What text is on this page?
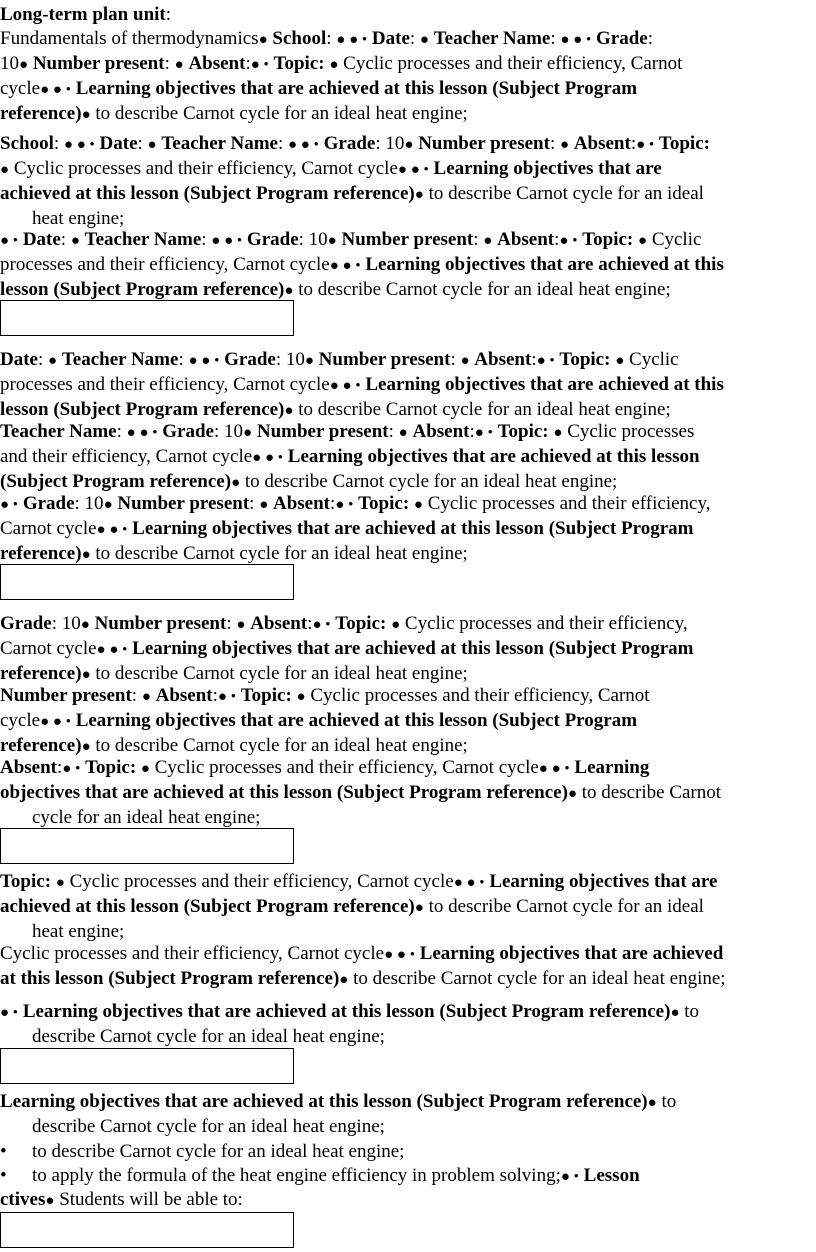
Long-term plan unit:

Fundamentals of thermodynamics● School: ● ● • Date: ● Teacher Name: ● ● • Grade:

10● Number present: ● Absent:● • Topic: ● Cyclic processes and their efficiency, Carnot

cycle● ● • Learning objectives that are achieved at this lesson (Subject Program

reference)● to describe Carnot cycle for an ideal heat engine;

School: ● ● • Date: ● Teacher Name: ● ● • Grade: 10● Number present: ● Absent:● • Topic:
● Cyclic processes and their efficiency, Carnot cycle● ● • Learning objectives that are
achieved at this lesson (Subject Program reference)● to describe Carnot cycle for an ideal
heat engine;
● • Date: ● Teacher Name: ● ● • Grade: 10● Number present: ● Absent:● • Topic: ● Cyclic
processes and their efficiency, Carnot cycle● ● • Learning objectives that are achieved at this
lesson (Subject Program reference)● to describe Carnot cycle for an ideal heat engine;
Date: ● Teacher Name: ● ● • Grade: 10● Number present: ● Absent:● • Topic: ● Cyclic
processes and their efficiency, Carnot cycle● ● • Learning objectives that are achieved at this
lesson (Subject Program reference)● to describe Carnot cycle for an ideal heat engine;
Teacher Name: ● ● • Grade: 10● Number present: ● Absent:● • Topic: ● Cyclic processes
and their efficiency, Carnot cycle● ● • Learning objectives that are achieved at this lesson
(Subject Program reference)● to describe Carnot cycle for an ideal heat engine;
● • Grade: 10● Number present: ● Absent:● • Topic: ● Cyclic processes and their efficiency,
Carnot cycle● ● • Learning objectives that are achieved at this lesson (Subject Program
reference)● to describe Carnot cycle for an ideal heat engine;
Grade: 10● Number present: ● Absent:● • Topic: ● Cyclic processes and their efficiency,
Carnot cycle● ● • Learning objectives that are achieved at this lesson (Subject Program
reference)● to describe Carnot cycle for an ideal heat engine;
Number present: ● Absent:● • Topic: ● Cyclic processes and their efficiency, Carnot
cycle● ● • Learning objectives that are achieved at this lesson (Subject Program
reference)● to describe Carnot cycle for an ideal heat engine;
Absent:● • Topic: ● Cyclic processes and their efficiency, Carnot cycle● ● • Learning
objectives that are achieved at this lesson (Subject Program reference)● to describe Carnot
cycle for an ideal heat engine;
Topic: ● Cyclic processes and their efficiency, Carnot cycle● ● • Learning objectives that are
achieved at this lesson (Subject Program reference)● to describe Carnot cycle for an ideal
heat engine;
Cyclic processes and their efficiency, Carnot cycle● ● • Learning objectives that are achieved
at this lesson (Subject Program reference)● to describe Carnot cycle for an ideal heat engine;
● • Learning objectives that are achieved at this lesson (Subject Program reference)● to
describe Carnot cycle for an ideal heat engine;
Learning objectives that are achieved at this lesson (Subject Program reference)● to
describe Carnot cycle for an ideal heat engine;
• to describe Carnot cycle for an ideal heat engine;
• to apply the formula of the heat engine efficiency in problem solving;● • Lesson
ctives● Students will be able to:
